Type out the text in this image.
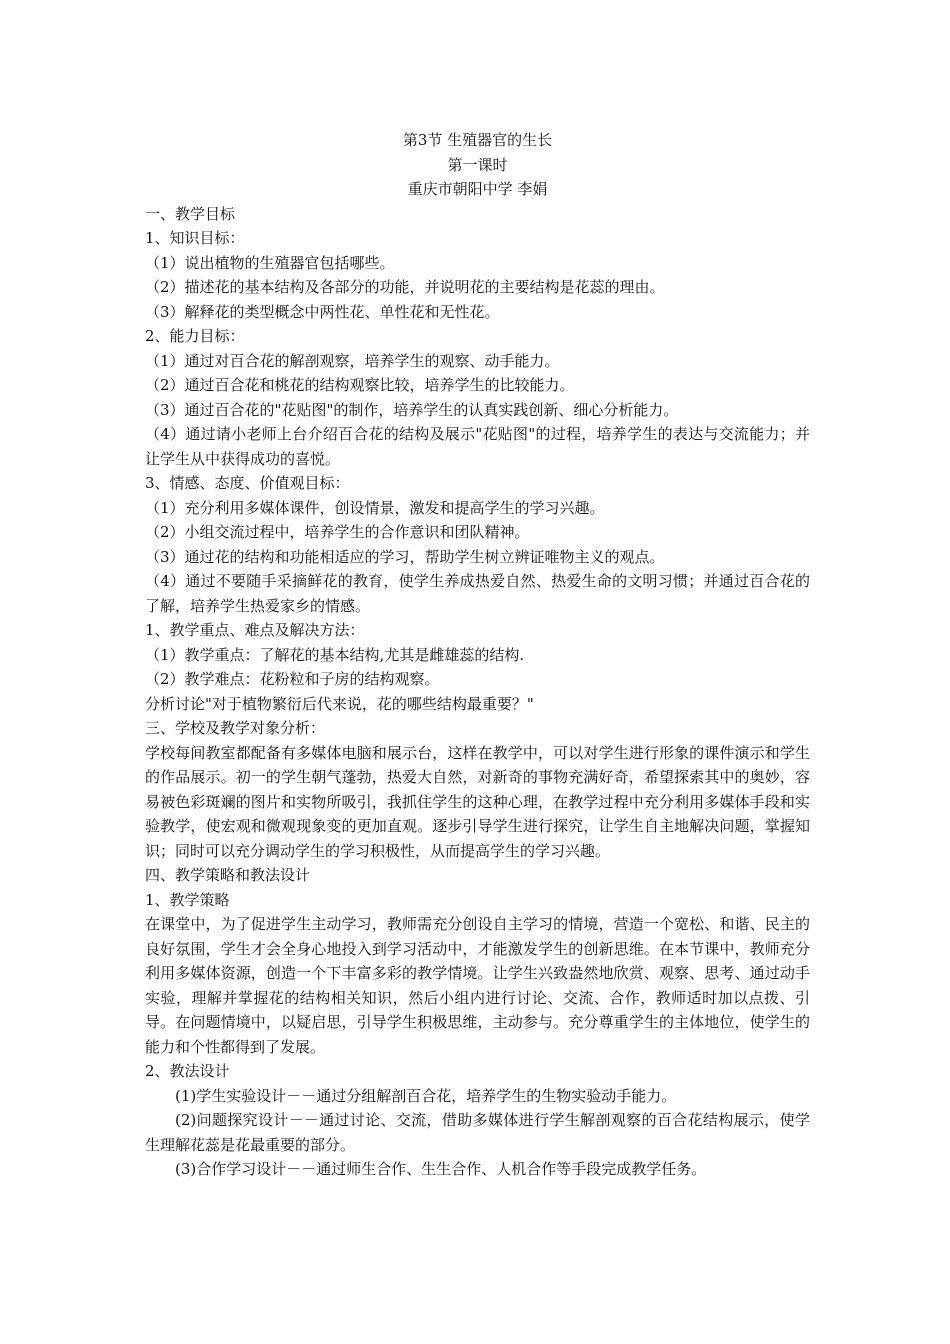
第3节 生殖器官的生长
第一课时
重庆市朝阳中学 李娟
一、教学目标
1、知识目标：
（1）说出植物的生殖器官包括哪些。
（2）描述花的基本结构及各部分的功能，并说明花的主要结构是花蕊的理由。
（3）解释花的类型概念中两性花、单性花和无性花。
2、能力目标：
（1）通过对百合花的解剖观察，培养学生的观察、动手能力。
（2）通过百合花和桃花的结构观察比较，培养学生的比较能力。
（3）通过百合花的"花贴图"的制作，培养学生的认真实践创新、细心分析能力。
（4）通过请小老师上台介绍百合花的结构及展示"花贴图"的过程，培养学生的表达与交流能力；并让学生从中获得成功的喜悦。
3、情感、态度、价值观目标：
（1）充分利用多媒体课件，创设情景，激发和提高学生的学习兴趣。
（2）小组交流过程中，培养学生的合作意识和团队精神。
（3）通过花的结构和功能相适应的学习，帮助学生树立辨证唯物主义的观点。
（4）通过不要随手采摘鲜花的教育，使学生养成热爱自然、热爱生命的文明习惯；并通过百合花的了解，培养学生热爱家乡的情感。
1、教学重点、难点及解决方法：
（1）教学重点：了解花的基本结构,尤其是雌雄蕊的结构.
（2）教学难点：花粉粒和子房的结构观察。
分析讨论"对于植物繁衍后代来说，花的哪些结构最重要？"
三、学校及教学对象分析：
学校每间教室都配备有多媒体电脑和展示台，这样在教学中，可以对学生进行形象的课件演示和学生的作品展示。初一的学生朝气蓬勃，热爱大自然，对新奇的事物充满好奇，希望探索其中的奥妙，容易被色彩斑斓的图片和实物所吸引，我抓住学生的这种心理，在教学过程中充分利用多媒体手段和实验教学，使宏观和微观现象变的更加直观。逐步引导学生进行探究，让学生自主地解决问题，掌握知识；同时可以充分调动学生的学习积极性，从而提高学生的学习兴趣。
四、教学策略和教法设计
1、教学策略
在课堂中，为了促进学生主动学习，教师需充分创设自主学习的情境，营造一个宽松、和谐、民主的良好氛围，学生才会全身心地投入到学习活动中，才能激发学生的创新思维。在本节课中，教师充分利用多媒体资源，创造一个下丰富多彩的教学情境。让学生兴致盎然地欣赏、观察、思考、通过动手实验，理解并掌握花的结构相关知识，然后小组内进行讨论、交流、合作，教师适时加以点拨、引导。在问题情境中，以疑启思，引导学生积极思维，主动参与。充分尊重学生的主体地位，使学生的能力和个性都得到了发展。
2、教法设计
(1)学生实验设计－－通过分组解剖百合花，培养学生的生物实验动手能力。
(2)问题探究设计－－通过讨论、交流，借助多媒体进行学生解剖观察的百合花结构展示，使学生理解花蕊是花最重要的部分。
(3)合作学习设计－－通过师生合作、生生合作、人机合作等手段完成教学任务。
